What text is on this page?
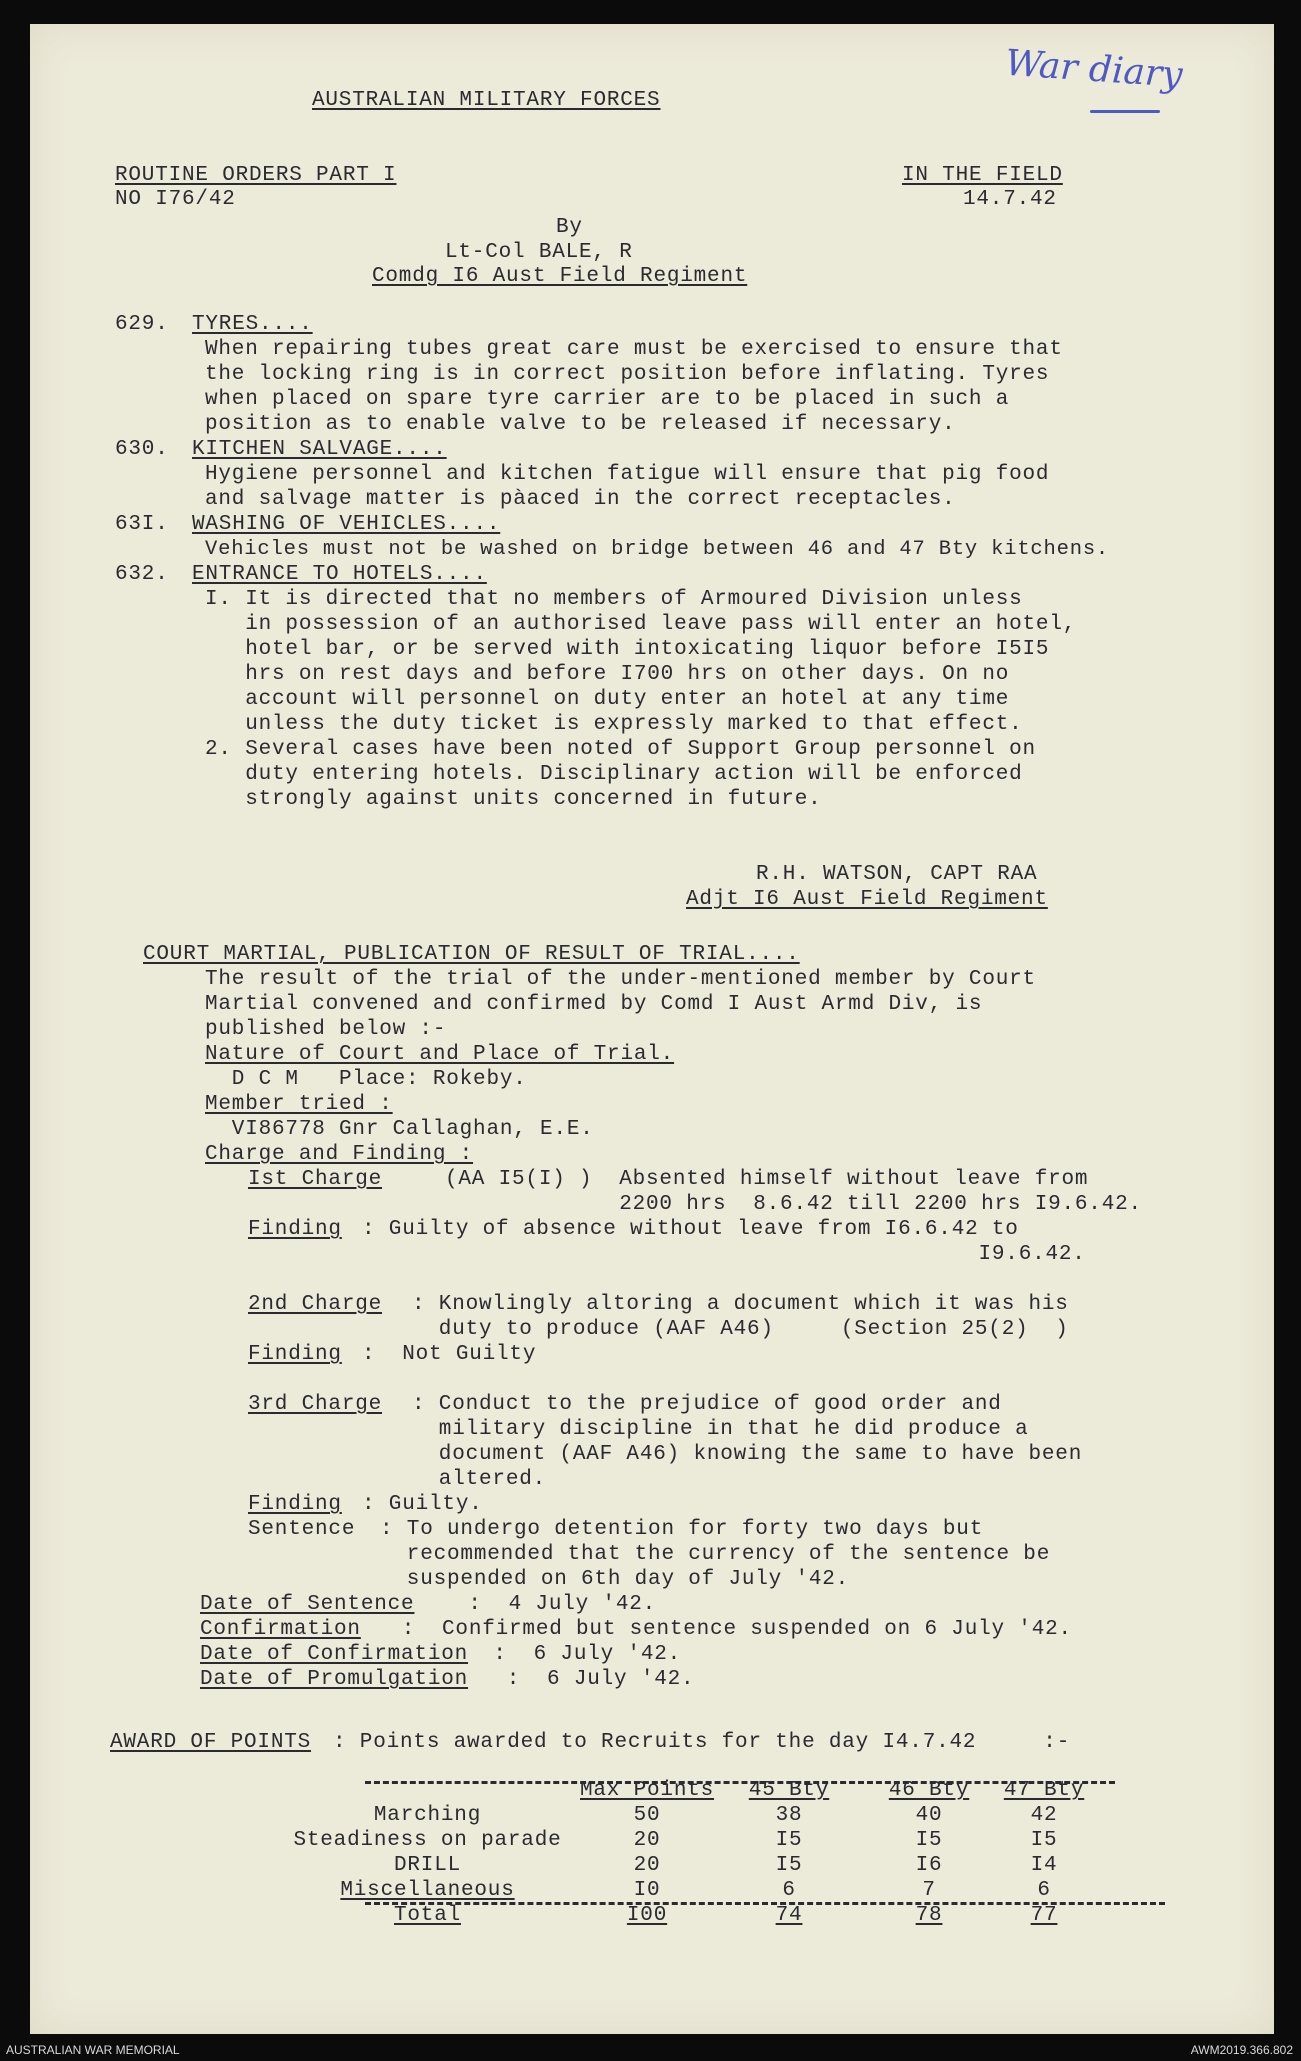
War diary
AUSTRALIAN MILITARY FORCES
ROUTINE ORDERS PART I
NO I76/42
IN THE FIELD
14.7.42
By
Lt-Col BALE, R
Comdg I6 Aust Field Regiment
629. TYRES....
When repairing tubes great care must be exercised to ensure that
the locking ring is in correct position before inflating. Tyres
when placed on spare tyre carrier are to be placed in such a
position as to enable valve to be released if necessary.
630. KITCHEN SALVAGE....
Hygiene personnel and kitchen fatigue will ensure that pig food
and salvage matter is pàaced in the correct receptacles.
63I. WASHING OF VEHICLES....
Vehicles must not be washed on bridge between 46 and 47 Bty kitchens.
632. ENTRANCE TO HOTELS....
I. It is directed that no members of Armoured Division unless
in possession of an authorised leave pass will enter an hotel,
hotel bar, or be served with intoxicating liquor before I5I5
hrs on rest days and before I700 hrs on other days. On no
account will personnel on duty enter an hotel at any time
unless the duty ticket is expressly marked to that effect.
2. Several cases have been noted of Support Group personnel on
duty entering hotels. Disciplinary action will be enforced
strongly against units concerned in future.
R.H. WATSON, CAPT RAA
Adjt I6 Aust Field Regiment
COURT MARTIAL, PUBLICATION OF RESULT OF TRIAL....
The result of the trial of the under-mentioned member by Court
Martial convened and confirmed by Comd I Aust Armd Div, is
published below :-
Nature of Court and Place of Trial.
D C M   Place: Rokeby.
Member tried :
VI86778 Gnr Callaghan, E.E.
Charge and Finding :
Ist Charge	(AA I5(I) )  Absented himself without leave from
2200 hrs  8.6.42 till 2200 hrs I9.6.42.
Finding : Guilty of absence without leave from I6.6.42 to
I9.6.42.
2nd Charge : Knowlingly altoring a document which it was his
duty to produce (AAF A46)     (Section 25(2)  )
Finding :  Not Guilty
3rd Charge : Conduct to the prejudice of good order and
military discipline in that he did produce a
document (AAF A46) knowing the same to have been
altered.
Finding : Guilty.
Sentence : To undergo detention for forty two days but
recommended that the currency of the sentence be
suspended on 6th day of July '42.
Date of Sentence :  4 July '42.
Confirmation :  Confirmed but sentence suspended on 6 July '42.
Date of Confirmation :  6 July '42.
Date of Promulgation :  6 July '42.
AWARD OF POINTS : Points awarded to Recruits for the day I4.7.42     :-
	Max Points	45 Bty	46 Bty	47 Bty
Marching	50	38	40	42
Steadiness on parade	20	I5	I5	I5
DRILL	20	I5	I6	I4
Miscellaneous	I0	6	7	6
Total	I00	74	78	77
AUSTRALIAN WAR MEMORIAL	AWM2019.366.802
